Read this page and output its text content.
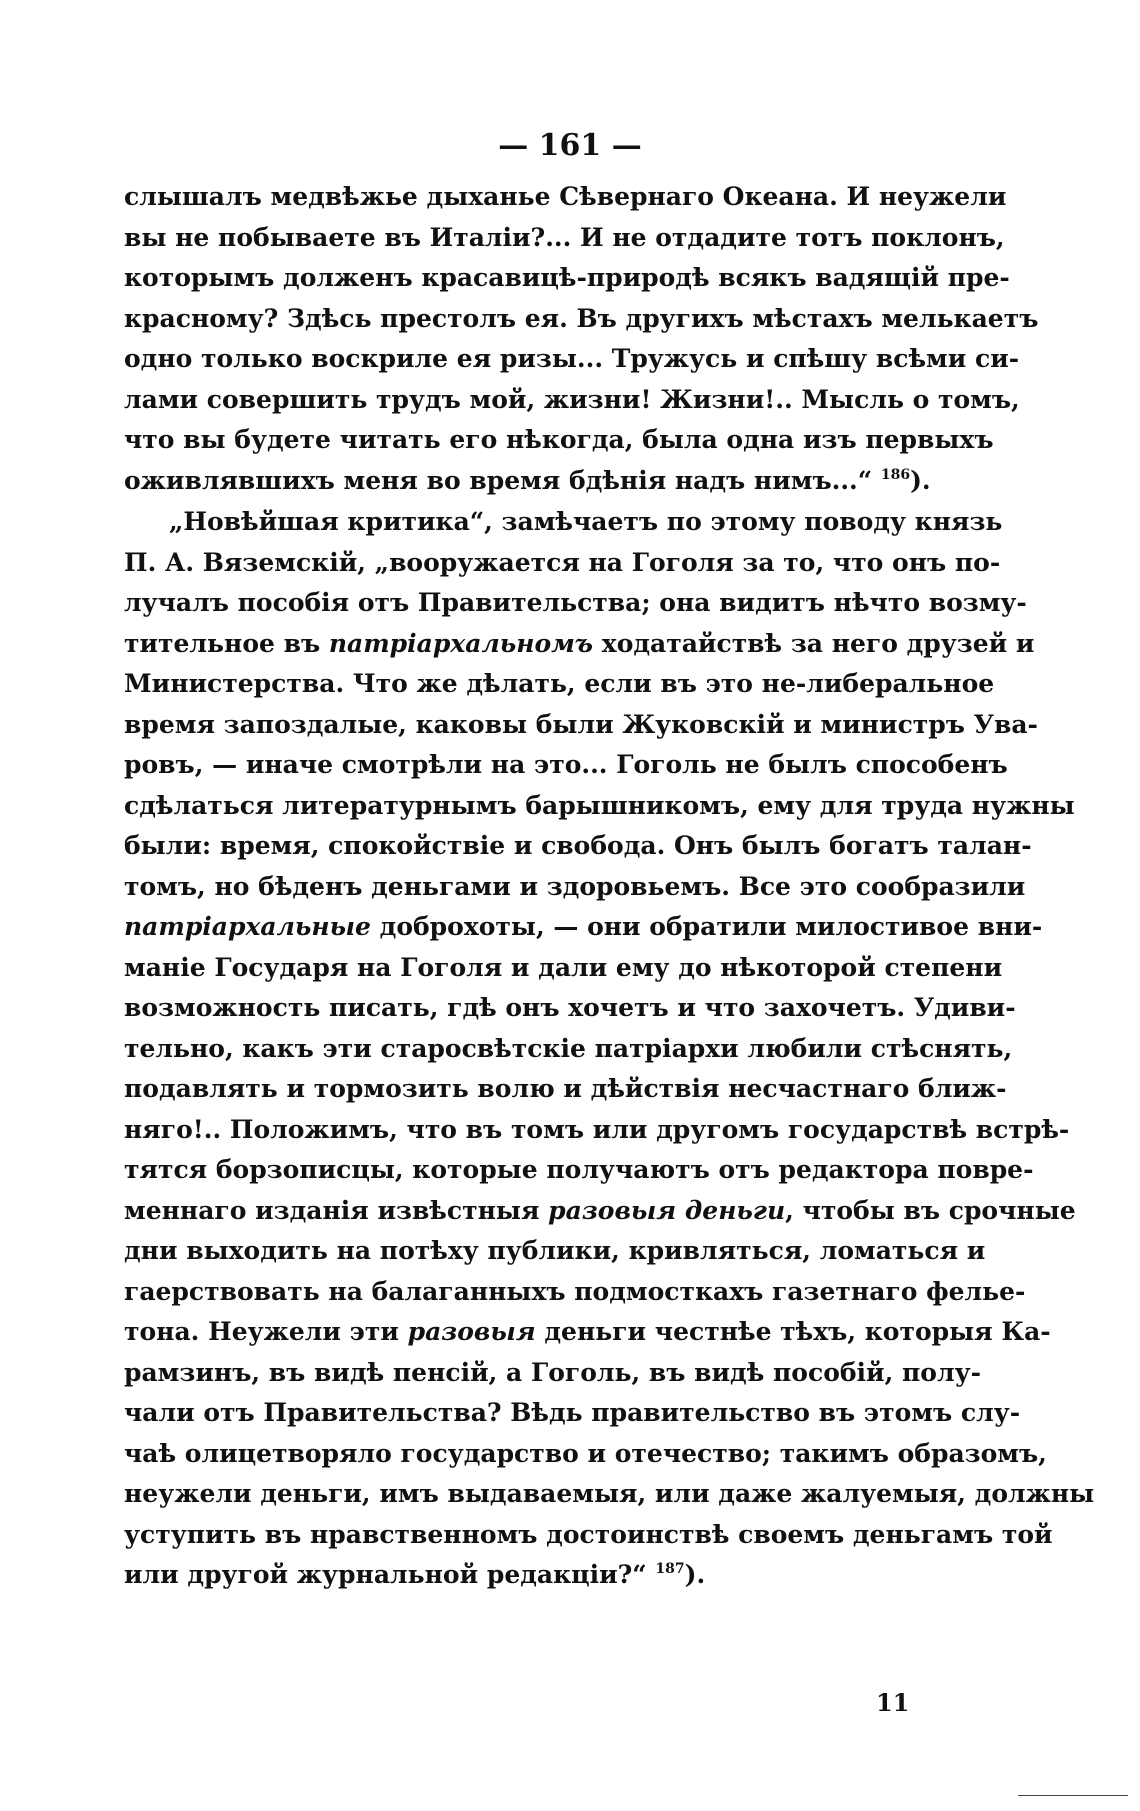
— 161 —
слышалъ медвѣжье дыханье Сѣвернаго Океана. И неужели
вы не побываете въ Италіи?... И не отдадите тотъ поклонъ,
которымъ долженъ красавицѣ-природѣ всякъ вадящій пре-
красному? Здѣсь престолъ ея. Въ другихъ мѣстахъ мелькаетъ
одно только воскриле ея ризы... Тружусь и спѣшу всѣми си-
лами совершить трудъ мой, жизни! Жизни!.. Мысль о томъ,
что вы будете читать его нѣкогда, была одна изъ первыхъ
оживлявшихъ меня во время бдѣнія надъ нимъ...“ $^{186}$).
„Новѣйшая критика“, замѣчаетъ по этому поводу князь
П. А. Вяземскій, „вооружается на Гоголя за то, что онъ по-
лучалъ пособія отъ Правительства; она видитъ нѣчто возму-
тительное въ патріархальномъ ходатайствѣ за него друзей и
Министерства. Что же дѣлать, если въ это не-либеральное
время запоздалые, каковы были Жуковскій и министръ Ува-
ровъ, — иначе смотрѣли на это... Гоголь не былъ способенъ
сдѣлаться литературнымъ барышникомъ, ему для труда нужны
были: время, спокойствіе и свобода. Онъ былъ богатъ талан-
томъ, но бѣденъ деньгами и здоровьемъ. Все это сообразили
патріархальные доброхоты, — они обратили милостивое вни-
маніе Государя на Гоголя и дали ему до нѣкоторой степени
возможность писать, гдѣ онъ хочетъ и что захочетъ. Удиви-
тельно, какъ эти старосвѣтскіе патріархи любили стѣснять,
подавлять и тормозить волю и дѣйствія несчастнаго ближ-
няго!.. Положимъ, что въ томъ или другомъ государствѣ встрѣ-
тятся борзописцы, которые получаютъ отъ редактора повре-
меннаго изданія извѣстныя разовыя деньги, чтобы въ срочные
дни выходить на потѣху публики, кривляться, ломаться и
гаерствовать на балаганныхъ подмосткахъ газетнаго фелье-
тона. Неужели эти разовыя деньги честнѣе тѣхъ, которыя Ка-
рамзинъ, въ видѣ пенсій, а Гоголь, въ видѣ пособій, полу-
чали отъ Правительства? Вѣдь правительство въ этомъ слу-
чаѣ олицетворяло государство и отечество; такимъ образомъ,
неужели деньги, имъ выдаваемыя, или даже жалуемыя, должны
уступить въ нравственномъ достоинствѣ своемъ деньгамъ той
или другой журнальной редакціи?“ $^{187}$).
11
